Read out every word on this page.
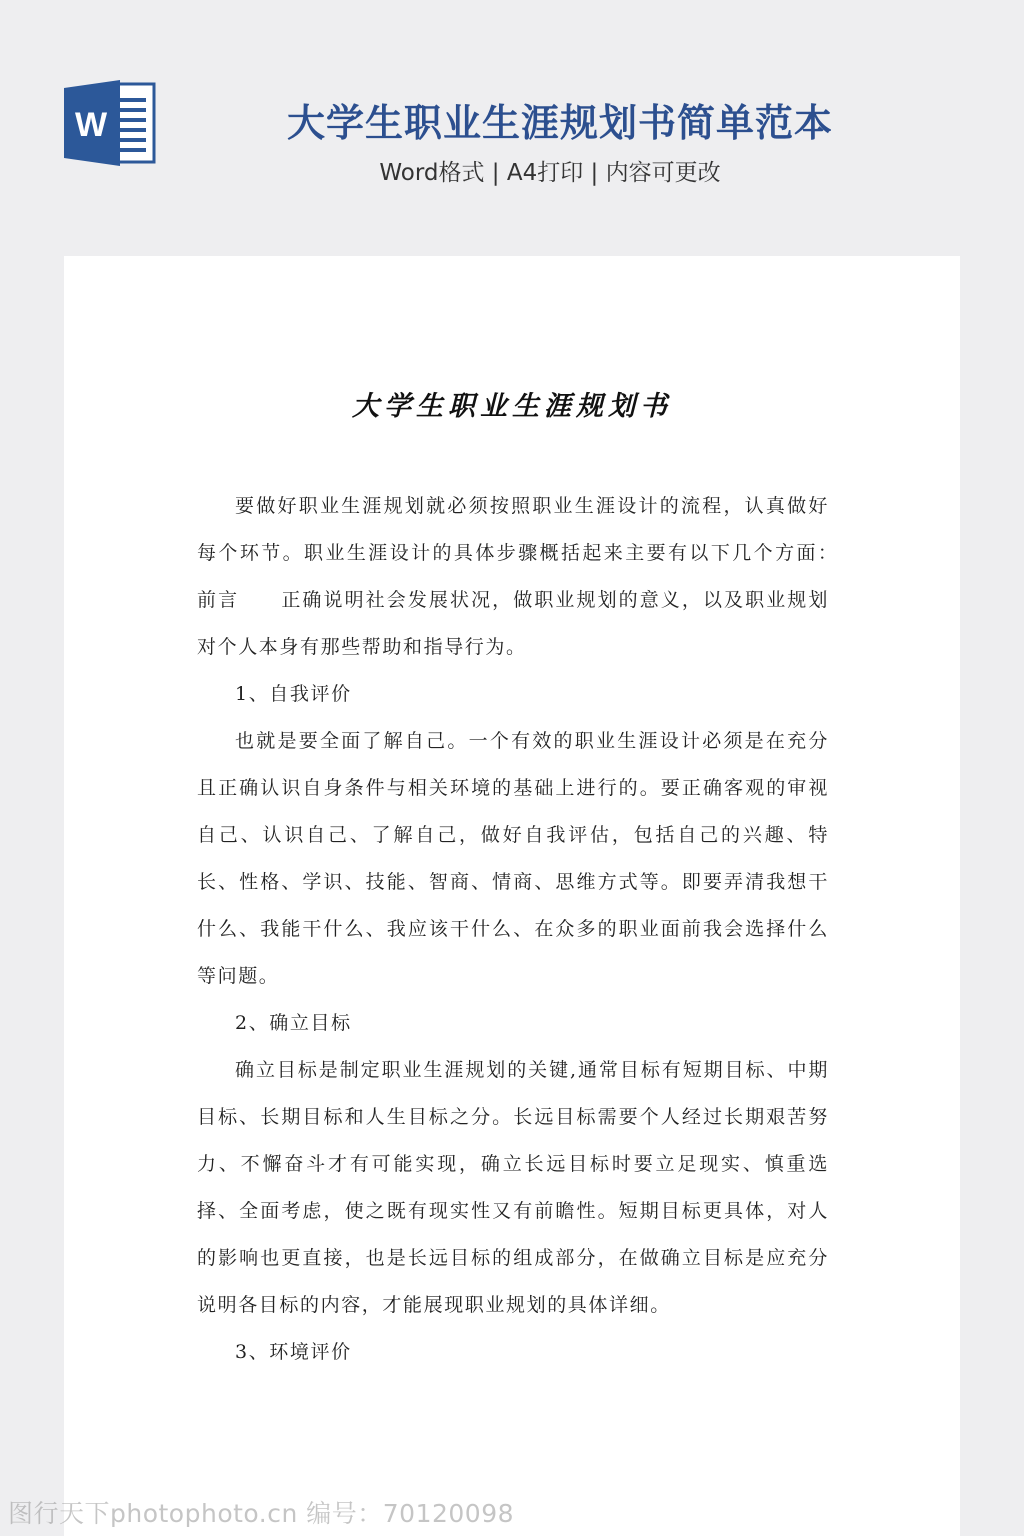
W	大学生职业生涯规划书简单范本
Word格式 | A4打印 | 内容可更改
大学生职业生涯规划书

要做好职业生涯规划就必须按照职业生涯设计的流程，认真做好每个环节。职业生涯设计的具体步骤概括起来主要有以下几个方面：　　前言　　正确说明社会发展状况，做职业规划的意义，以及职业规划对个人本身有那些帮助和指导行为。

1、自我评价

也就是要全面了解自己。一个有效的职业生涯设计必须是在充分且正确认识自身条件与相关环境的基础上进行的。要正确客观的审视自己、认识自己、了解自己，做好自我评估，包括自己的兴趣、特长、性格、学识、技能、智商、情商、思维方式等。即要弄清我想干什么、我能干什么、我应该干什么、在众多的职业面前我会选择什么等问题。

2、确立目标

确立目标是制定职业生涯规划的关键,通常目标有短期目标、中期目标、长期目标和人生目标之分。长远目标需要个人经过长期艰苦努力、不懈奋斗才有可能实现，确立长远目标时要立足现实、慎重选择、全面考虑，使之既有现实性又有前瞻性。短期目标更具体，对人的影响也更直接，也是长远目标的组成部分，在做确立目标是应充分说明各目标的内容，才能展现职业规划的具体详细。

3、环境评价

图行天下photophoto.cn 编号：70120098
